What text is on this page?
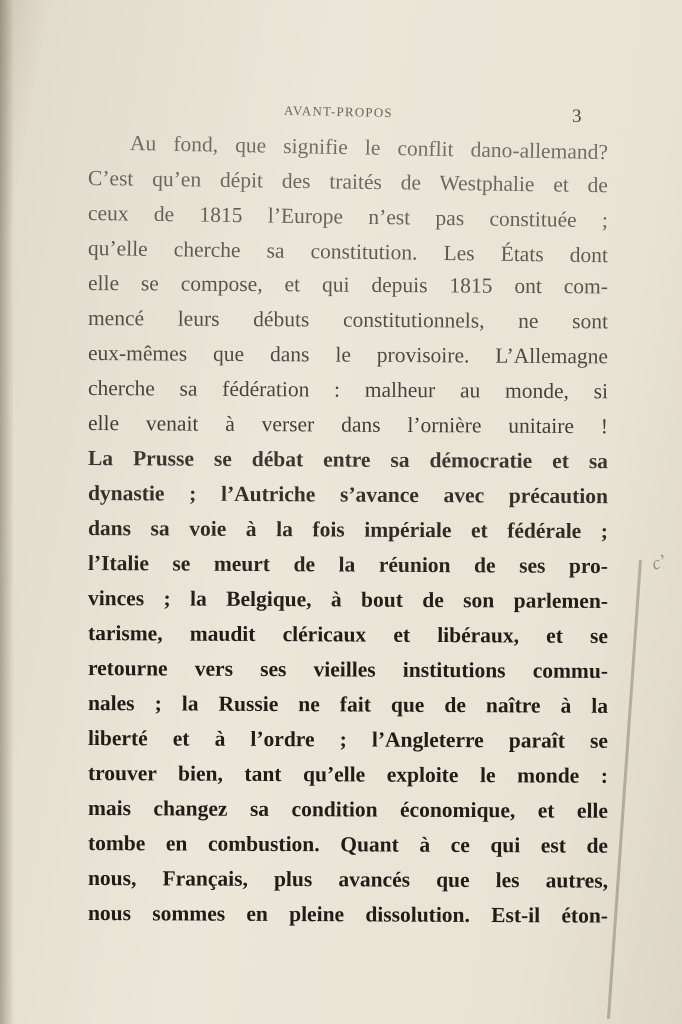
AVANT-PROPOS	3
Au fond, que signifie le conflit dano-allemand?
C’est qu’en dépit des traités de Westphalie et de
ceux de 1815 l’Europe n’est pas constituée ;
qu’elle cherche sa constitution. Les États dont
elle se compose, et qui depuis 1815 ont com-
mencé leurs débuts constitutionnels, ne sont
eux-mêmes que dans le provisoire. L’Allemagne
cherche sa fédération : malheur au monde, si
elle venait à verser dans l’ornière unitaire !
La Prusse se débat entre sa démocratie et sa
dynastie ; l’Autriche s’avance avec précaution
dans sa voie à la fois impériale et fédérale ;
l’Italie se meurt de la réunion de ses pro-
vinces ; la Belgique, à bout de son parlemen-
tarisme, maudit cléricaux et libéraux, et se
retourne vers ses vieilles institutions commu-
nales ; la Russie ne fait que de naître à la
liberté et à l’ordre ; l’Angleterre paraît se
trouver bien, tant qu’elle exploite le monde :
mais changez sa condition économique, et elle
tombe en combustion. Quant à ce qui est de
nous, Français, plus avancés que les autres,
nous sommes en pleine dissolution. Est-il éton-
c’
